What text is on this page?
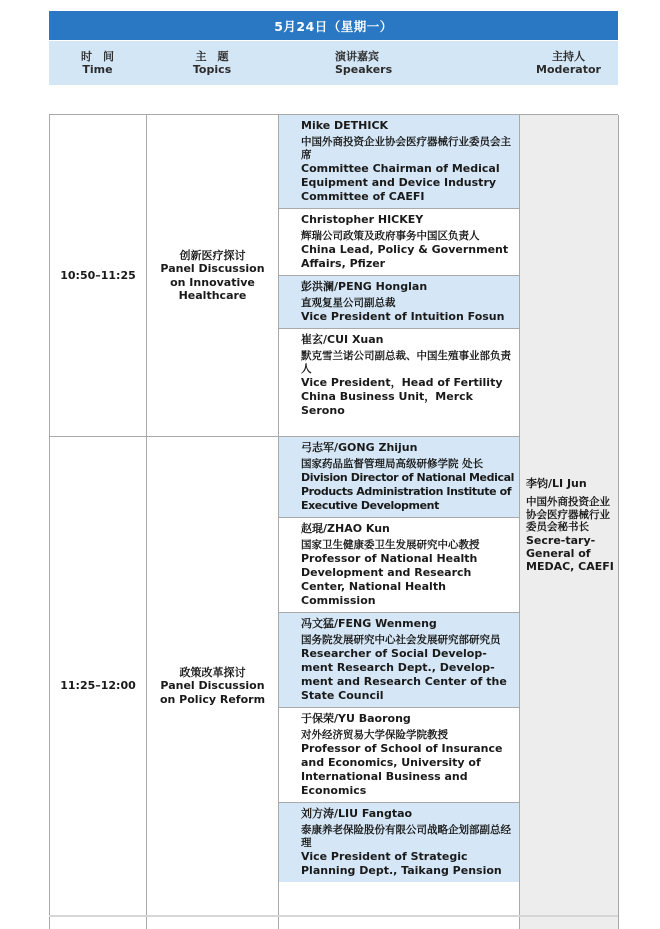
5月24日（星期一）
时　间
Time
主　题
Topics
演讲嘉宾
Speakers
主持人
Moderator
10:50–11:25
创新医疗探讨
Panel Discussion
on Innovative
Healthcare
Mike DETHICK
中国外商投资企业协会医疗器械行业委员会主席
Committee Chairman of Medical Equipment and Device Industry Committee of CAEFI
Christopher HICKEY
辉瑞公司政策及政府事务中国区负责人
China Lead, Policy & Government Affairs, Pfizer
彭洪澜/PENG Honglan
直观复星公司副总裁
Vice President of Intuition Fosun
崔玄/CUI Xuan
默克雪兰诺公司副总裁、中国生殖事业部负责人
Vice President，Head of Fertility China Business Unit，Merck Serono
李钧/LI Jun
中国外商投资企业协会医疗器械行业委员会秘书长
Secre-tary-General of MEDAC, CAEFI
11:25–12:00
政策改革探讨
Panel Discussion
on Policy Reform
弓志军/GONG Zhijun
国家药品监督管理局高级研修学院 处长
Division Director of National Medical Products Administration Institute of Executive Development
赵琨/ZHAO Kun
国家卫生健康委卫生发展研究中心教授
Professor of National Health Development and Research Center, National Health Commission
冯文猛/FENG Wenmeng
国务院发展研究中心社会发展研究部研究员
Researcher of Social Develop-ment Research Dept., Develop-ment and Research Center of the State Council
于保荣/YU Baorong
对外经济贸易大学保险学院教授
Professor of School of Insurance and Economics, University of International Business and Economics
刘方涛/LIU Fangtao
泰康养老保险股份有限公司战略企划部副总经理
Vice President of Strategic Planning Dept., Taikang Pension
